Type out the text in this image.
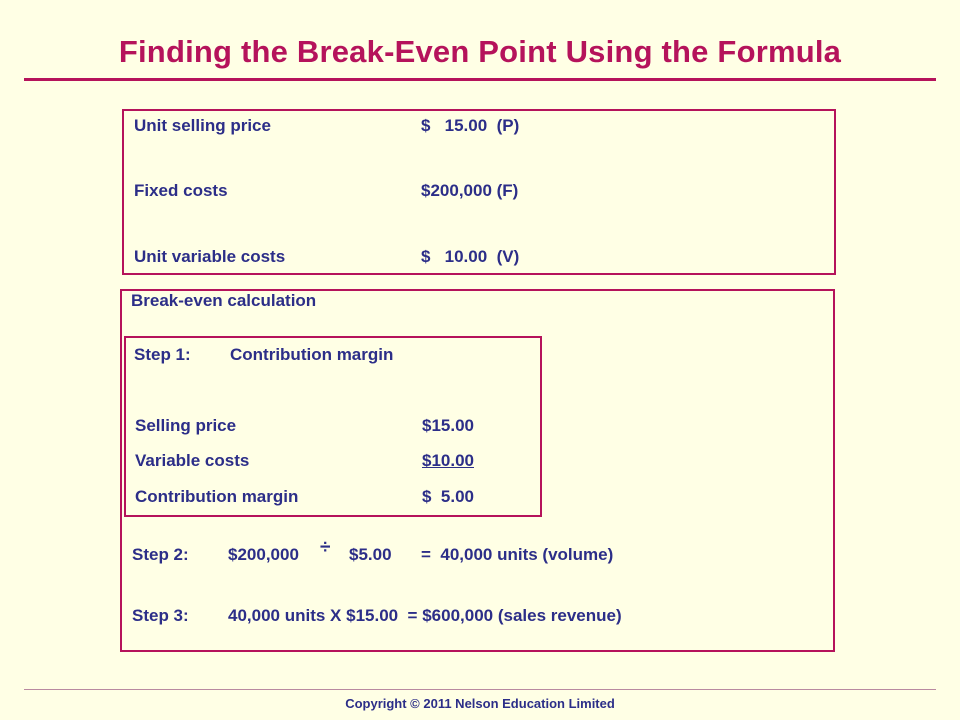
Finding the Break-Even Point Using the Formula
Unit selling price	$   15.00  (P)
Fixed costs	$200,000 (F)
Unit variable costs	$   10.00  (V)
Break-even calculation
Step 1: Contribution margin
Selling price	$15.00
Variable costs	$10.00
Contribution margin	$  5.00
Step 2: $200,000 ÷ $5.00 =  40,000 units (volume)
Step 3: 40,000 units X $15.00  = $600,000 (sales revenue)
Copyright © 2011 Nelson Education Limited
